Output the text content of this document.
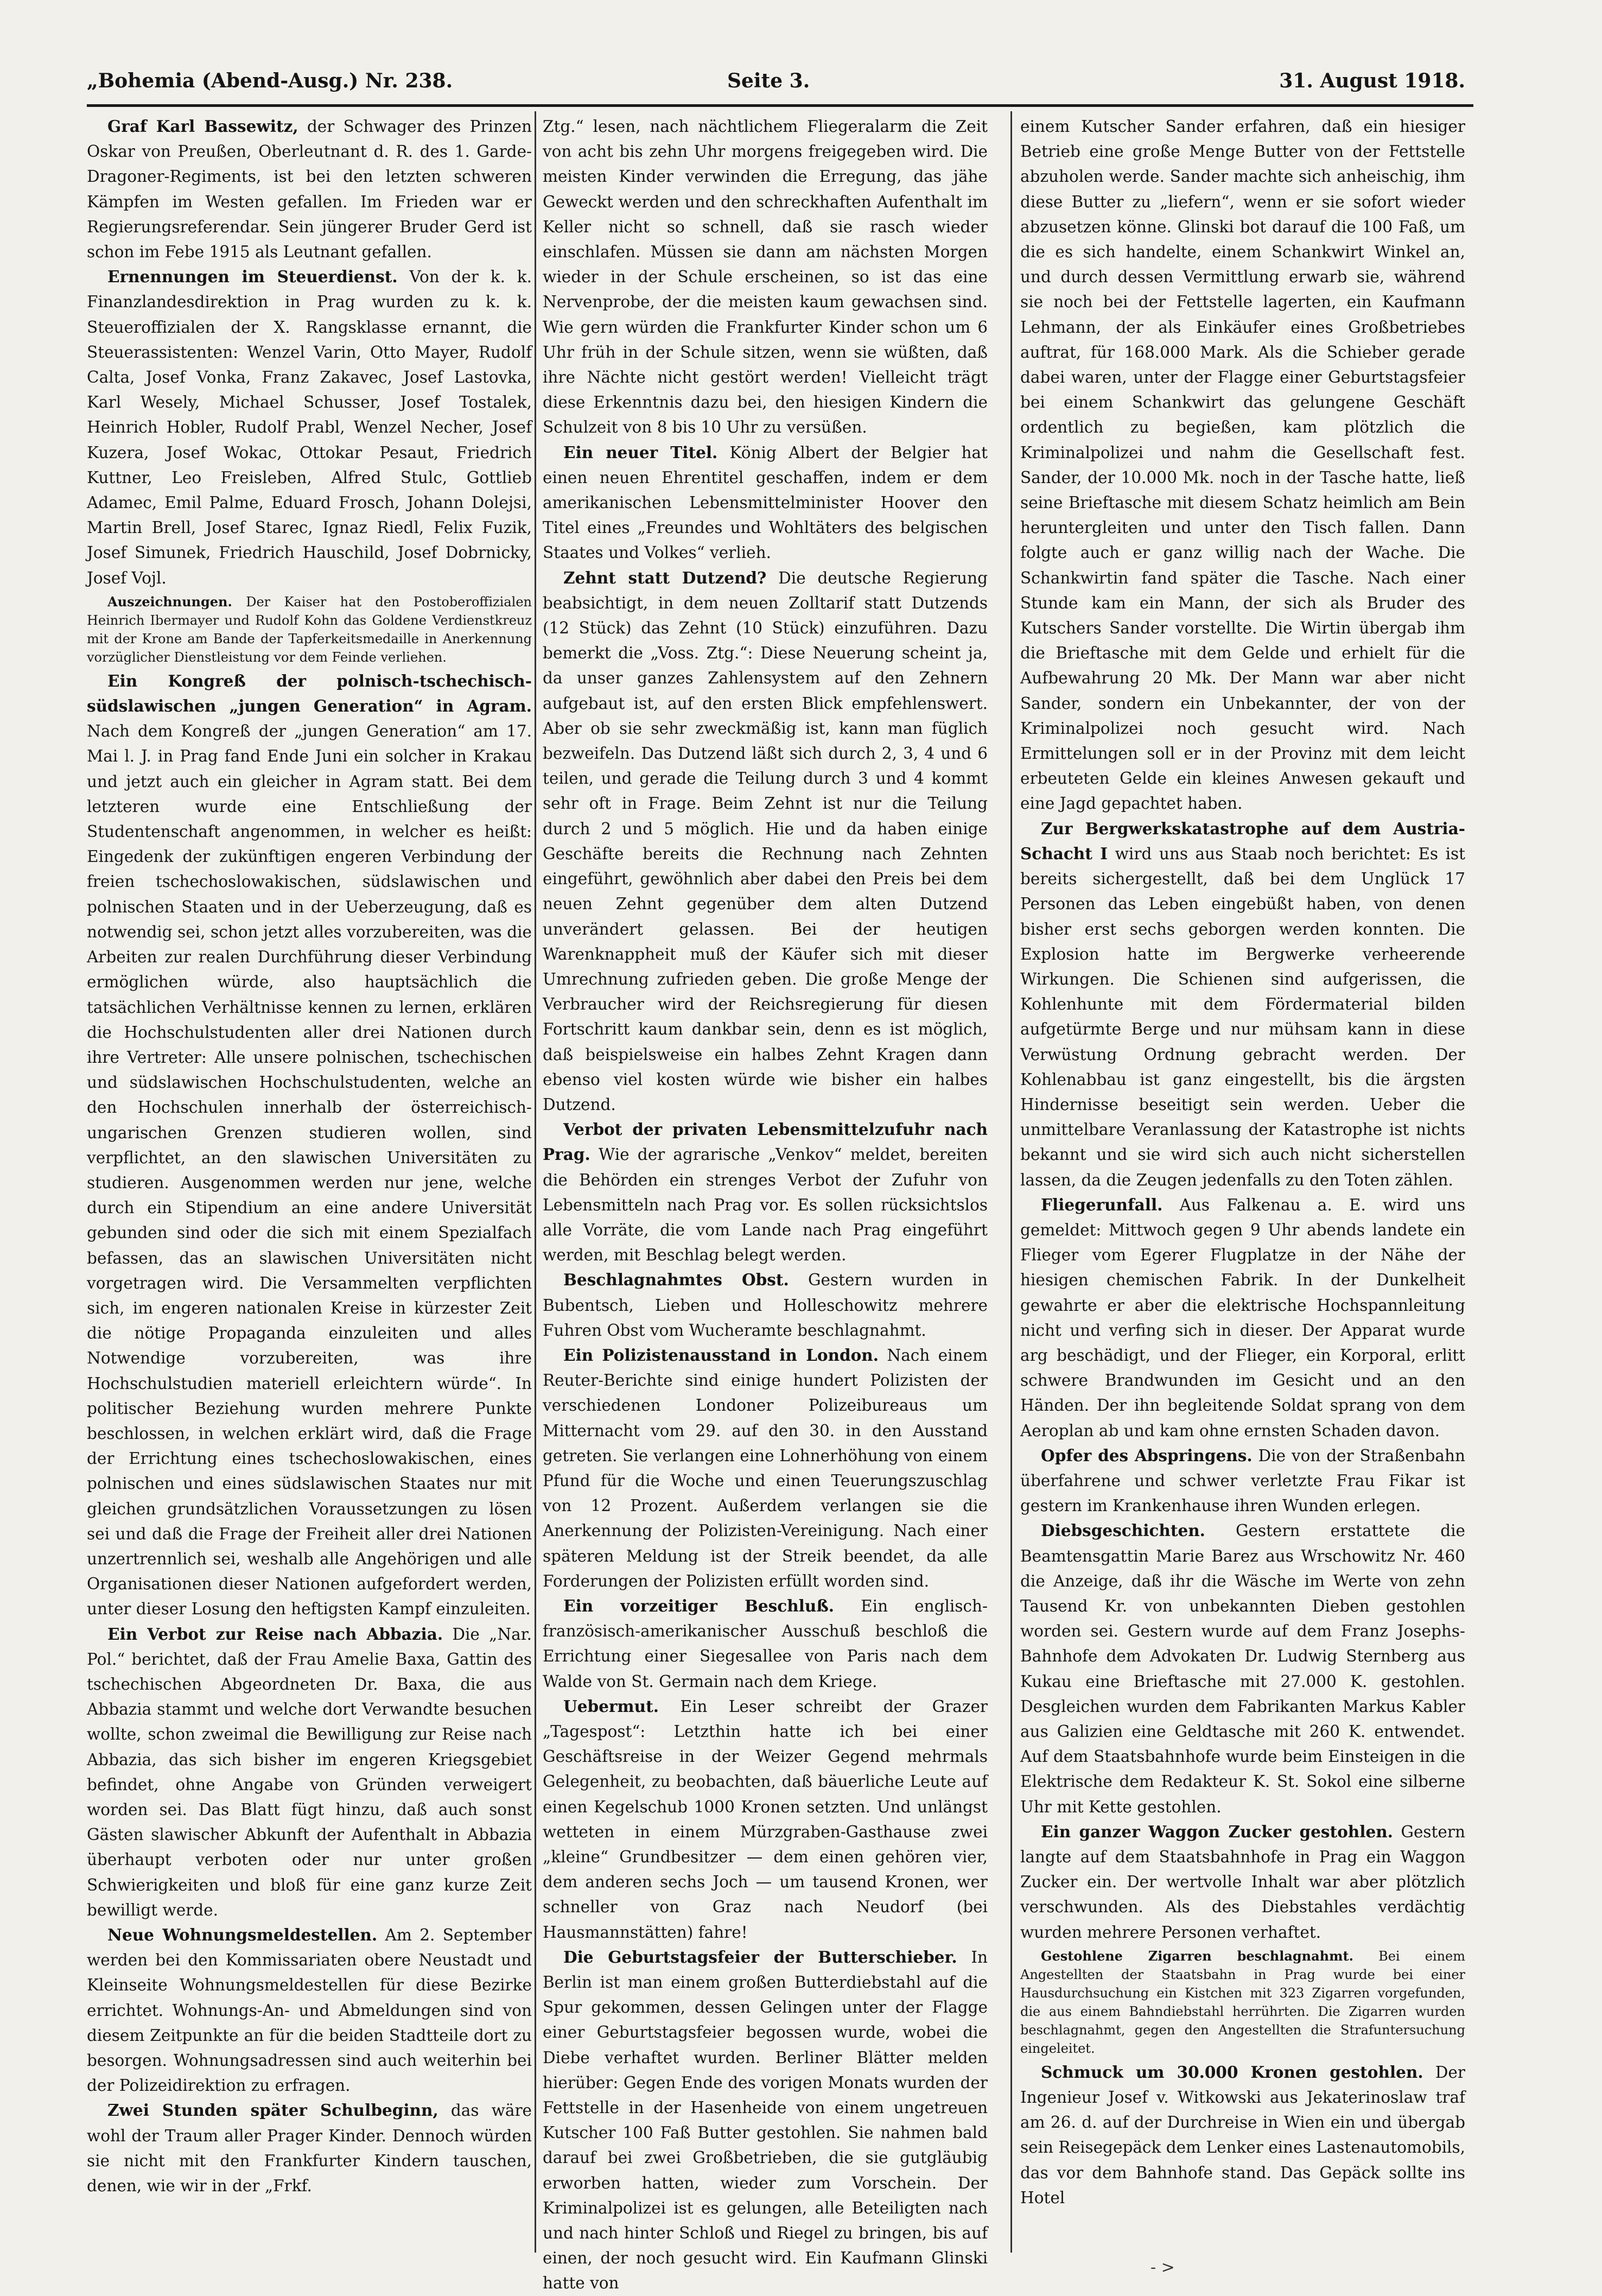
„Bohemia (Abend-Ausg.) Nr. 238.	Seite 3.	31. August 1918.

Graf Karl Bassewitz, der Schwager des Prinzen Oskar von Preußen, Oberleutnant d. R. des 1. Garde-Dragoner-Regiments, ist bei den letzten schweren Kämpfen im Westen gefallen. Im Frieden war er Regierungsreferendar. Sein jüngerer Bruder Gerd ist schon im Febe 1915 als Leutnant gefallen.

Ernennungen im Steuerdienst. Von der k. k. Finanzlandesdirektion in Prag wurden zu k. k. Steueroffizialen der X. Rangsklasse ernannt, die Steuerassistenten: Wenzel Varin, Otto Mayer, Rudolf Calta, Josef Vonka, Franz Zakavec, Josef Lastovka, Karl Wesely, Michael Schusser, Josef Tostalek, Heinrich Hobler, Rudolf Prabl, Wenzel Necher, Josef Kuzera, Josef Wokac, Ottokar Pesaut, Friedrich Kuttner, Leo Freisleben, Alfred Stulc, Gottlieb Adamec, Emil Palme, Eduard Frosch, Johann Dolejsi, Martin Brell, Josef Starec, Ignaz Riedl, Felix Fuzik, Josef Simunek, Friedrich Hauschild, Josef Dobrnicky, Josef Vojl.

Auszeichnungen. Der Kaiser hat den Postoberoffizialen Heinrich Ibermayer und Rudolf Kohn das Goldene Verdienstkreuz mit der Krone am Bande der Tapferkeitsmedaille in Anerkennung vorzüglicher Dienstleistung vor dem Feinde verliehen.

Ein Kongreß der polnisch-tschechisch-südslawischen „jungen Generation“ in Agram. Nach dem Kongreß der „jungen Generation“ am 17. Mai l. J. in Prag fand Ende Juni ein solcher in Krakau und jetzt auch ein gleicher in Agram statt. Bei dem letzteren wurde eine Entschließung der Studentenschaft angenommen, in welcher es heißt: Eingedenk der zukünftigen engeren Verbindung der freien tschechoslowakischen, südslawischen und polnischen Staaten und in der Ueberzeugung, daß es notwendig sei, schon jetzt alles vorzubereiten, was die Arbeiten zur realen Durchführung dieser Verbindung ermöglichen würde, also hauptsächlich die tatsächlichen Verhältnisse kennen zu lernen, erklären die Hochschulstudenten aller drei Nationen durch ihre Vertreter: Alle unsere polnischen, tschechischen und südslawischen Hochschulstudenten, welche an den Hochschulen innerhalb der österreichisch-ungarischen Grenzen studieren wollen, sind verpflichtet, an den slawischen Universitäten zu studieren. Ausgenommen werden nur jene, welche durch ein Stipendium an eine andere Universität gebunden sind oder die sich mit einem Spezialfach befassen, das an slawischen Universitäten nicht vorgetragen wird. Die Versammelten verpflichten sich, im engeren nationalen Kreise in kürzester Zeit die nötige Propaganda einzuleiten und alles Notwendige vorzubereiten, was ihre Hochschulstudien materiell erleichtern würde“. In politischer Beziehung wurden mehrere Punkte beschlossen, in welchen erklärt wird, daß die Frage der Errichtung eines tschechoslowakischen, eines polnischen und eines südslawischen Staates nur mit gleichen grundsätzlichen Voraussetzungen zu lösen sei und daß die Frage der Freiheit aller drei Nationen unzertrennlich sei, weshalb alle Angehörigen und alle Organisationen dieser Nationen aufgefordert werden, unter dieser Losung den heftigsten Kampf einzuleiten.

Ein Verbot zur Reise nach Abbazia. Die „Nar. Pol.“ berichtet, daß der Frau Amelie Baxa, Gattin des tschechischen Abgeordneten Dr. Baxa, die aus Abbazia stammt und welche dort Verwandte besuchen wollte, schon zweimal die Bewilligung zur Reise nach Abbazia, das sich bisher im engeren Kriegsgebiet befindet, ohne Angabe von Gründen verweigert worden sei. Das Blatt fügt hinzu, daß auch sonst Gästen slawischer Abkunft der Aufenthalt in Abbazia überhaupt verboten oder nur unter großen Schwierigkeiten und bloß für eine ganz kurze Zeit bewilligt werde.

Neue Wohnungsmeldestellen. Am 2. September werden bei den Kommissariaten obere Neustadt und Kleinseite Wohnungsmeldestellen für diese Bezirke errichtet. Wohnungs-An- und Abmeldungen sind von diesem Zeitpunkte an für die beiden Stadtteile dort zu besorgen. Wohnungsadressen sind auch weiterhin bei der Polizeidirektion zu erfragen.

Zwei Stunden später Schulbeginn, das wäre wohl der Traum aller Prager Kinder. Dennoch würden sie nicht mit den Frankfurter Kindern tauschen, denen, wie wir in der „Frkf.

Ztg.“ lesen, nach nächtlichem Fliegeralarm die Zeit von acht bis zehn Uhr morgens freigegeben wird. Die meisten Kinder verwinden die Erregung, das jähe Geweckt werden und den schreckhaften Aufenthalt im Keller nicht so schnell, daß sie rasch wieder einschlafen. Müssen sie dann am nächsten Morgen wieder in der Schule erscheinen, so ist das eine Nervenprobe, der die meisten kaum gewachsen sind. Wie gern würden die Frankfurter Kinder schon um 6 Uhr früh in der Schule sitzen, wenn sie wüßten, daß ihre Nächte nicht gestört werden! Vielleicht trägt diese Erkenntnis dazu bei, den hiesigen Kindern die Schulzeit von 8 bis 10 Uhr zu versüßen.

Ein neuer Titel. König Albert der Belgier hat einen neuen Ehrentitel geschaffen, indem er dem amerikanischen Lebensmittelminister Hoover den Titel eines „Freundes und Wohltäters des belgischen Staates und Volkes“ verlieh.

Zehnt statt Dutzend? Die deutsche Regierung beabsichtigt, in dem neuen Zolltarif statt Dutzends (12 Stück) das Zehnt (10 Stück) einzuführen. Dazu bemerkt die „Voss. Ztg.“: Diese Neuerung scheint ja, da unser ganzes Zahlensystem auf den Zehnern aufgebaut ist, auf den ersten Blick empfehlenswert. Aber ob sie sehr zweckmäßig ist, kann man füglich bezweifeln. Das Dutzend läßt sich durch 2, 3, 4 und 6 teilen, und gerade die Teilung durch 3 und 4 kommt sehr oft in Frage. Beim Zehnt ist nur die Teilung durch 2 und 5 möglich. Hie und da haben einige Geschäfte bereits die Rechnung nach Zehnten eingeführt, gewöhnlich aber dabei den Preis bei dem neuen Zehnt gegenüber dem alten Dutzend unverändert gelassen. Bei der heutigen Warenknappheit muß der Käufer sich mit dieser Umrechnung zufrieden geben. Die große Menge der Verbraucher wird der Reichsregierung für diesen Fortschritt kaum dankbar sein, denn es ist möglich, daß beispielsweise ein halbes Zehnt Kragen dann ebenso viel kosten würde wie bisher ein halbes Dutzend.

Verbot der privaten Lebensmittelzufuhr nach Prag. Wie der agrarische „Venkov“ meldet, bereiten die Behörden ein strenges Verbot der Zufuhr von Lebensmitteln nach Prag vor. Es sollen rücksichtslos alle Vorräte, die vom Lande nach Prag eingeführt werden, mit Beschlag belegt werden.

Beschlagnahmtes Obst. Gestern wurden in Bubentsch, Lieben und Holleschowitz mehrere Fuhren Obst vom Wucheramte beschlagnahmt.

Ein Polizistenausstand in London. Nach einem Reuter-Berichte sind einige hundert Polizisten der verschiedenen Londoner Polizeibureaus um Mitternacht vom 29. auf den 30. in den Ausstand getreten. Sie verlangen eine Lohnerhöhung von einem Pfund für die Woche und einen Teuerungszuschlag von 12 Prozent. Außerdem verlangen sie die Anerkennung der Polizisten-Vereinigung. Nach einer späteren Meldung ist der Streik beendet, da alle Forderungen der Polizisten erfüllt worden sind.

Ein vorzeitiger Beschluß. Ein englisch-französisch-amerikanischer Ausschuß beschloß die Errichtung einer Siegesallee von Paris nach dem Walde von St. Germain nach dem Kriege.

Uebermut. Ein Leser schreibt der Grazer „Tagespost“: Letzthin hatte ich bei einer Geschäftsreise in der Weizer Gegend mehrmals Gelegenheit, zu beobachten, daß bäuerliche Leute auf einen Kegelschub 1000 Kronen setzten. Und unlängst wetteten in einem Mürzgraben-Gasthause zwei „kleine“ Grundbesitzer — dem einen gehören vier, dem anderen sechs Joch — um tausend Kronen, wer schneller von Graz nach Neudorf (bei Hausmannstätten) fahre!

Die Geburtstagsfeier der Butterschieber. In Berlin ist man einem großen Butterdiebstahl auf die Spur gekommen, dessen Gelingen unter der Flagge einer Geburtstagsfeier begossen wurde, wobei die Diebe verhaftet wurden. Berliner Blätter melden hierüber: Gegen Ende des vorigen Monats wurden der Fettstelle in der Hasenheide von einem ungetreuen Kutscher 100 Faß Butter gestohlen. Sie nahmen bald darauf bei zwei Großbetrieben, die sie gutgläubig erworben hatten, wieder zum Vorschein. Der Kriminalpolizei ist es gelungen, alle Beteiligten nach und nach hinter Schloß und Riegel zu bringen, bis auf einen, der noch gesucht wird. Ein Kaufmann Glinski hatte von

einem Kutscher Sander erfahren, daß ein hiesiger Betrieb eine große Menge Butter von der Fettstelle abzuholen werde. Sander machte sich anheischig, ihm diese Butter zu „liefern“, wenn er sie sofort wieder abzusetzen könne. Glinski bot darauf die 100 Faß, um die es sich handelte, einem Schankwirt Winkel an, und durch dessen Vermittlung erwarb sie, während sie noch bei der Fettstelle lagerten, ein Kaufmann Lehmann, der als Einkäufer eines Großbetriebes auftrat, für 168.000 Mark. Als die Schieber gerade dabei waren, unter der Flagge einer Geburtstagsfeier bei einem Schankwirt das gelungene Geschäft ordentlich zu begießen, kam plötzlich die Kriminalpolizei und nahm die Gesellschaft fest. Sander, der 10.000 Mk. noch in der Tasche hatte, ließ seine Brieftasche mit diesem Schatz heimlich am Bein heruntergleiten und unter den Tisch fallen. Dann folgte auch er ganz willig nach der Wache. Die Schankwirtin fand später die Tasche. Nach einer Stunde kam ein Mann, der sich als Bruder des Kutschers Sander vorstellte. Die Wirtin übergab ihm die Brieftasche mit dem Gelde und erhielt für die Aufbewahrung 20 Mk. Der Mann war aber nicht Sander, sondern ein Unbekannter, der von der Kriminalpolizei noch gesucht wird. Nach Ermittelungen soll er in der Provinz mit dem leicht erbeuteten Gelde ein kleines Anwesen gekauft und eine Jagd gepachtet haben.

Zur Bergwerkskatastrophe auf dem Austria-Schacht I wird uns aus Staab noch berichtet: Es ist bereits sichergestellt, daß bei dem Unglück 17 Personen das Leben eingebüßt haben, von denen bisher erst sechs geborgen werden konnten. Die Explosion hatte im Bergwerke verheerende Wirkungen. Die Schienen sind aufgerissen, die Kohlenhunte mit dem Fördermaterial bilden aufgetürmte Berge und nur mühsam kann in diese Verwüstung Ordnung gebracht werden. Der Kohlenabbau ist ganz eingestellt, bis die ärgsten Hindernisse beseitigt sein werden. Ueber die unmittelbare Veranlassung der Katastrophe ist nichts bekannt und sie wird sich auch nicht sicherstellen lassen, da die Zeugen jedenfalls zu den Toten zählen.

Fliegerunfall. Aus Falkenau a. E. wird uns gemeldet: Mittwoch gegen 9 Uhr abends landete ein Flieger vom Egerer Flugplatze in der Nähe der hiesigen chemischen Fabrik. In der Dunkelheit gewahrte er aber die elektrische Hochspannleitung nicht und verfing sich in dieser. Der Apparat wurde arg beschädigt, und der Flieger, ein Korporal, erlitt schwere Brandwunden im Gesicht und an den Händen. Der ihn begleitende Soldat sprang von dem Aeroplan ab und kam ohne ernsten Schaden davon.

Opfer des Abspringens. Die von der Straßenbahn überfahrene und schwer verletzte Frau Fikar ist gestern im Krankenhause ihren Wunden erlegen.

Diebsgeschichten. Gestern erstattete die Beamtensgattin Marie Barez aus Wrschowitz Nr. 460 die Anzeige, daß ihr die Wäsche im Werte von zehn Tausend Kr. von unbekannten Dieben gestohlen worden sei. Gestern wurde auf dem Franz Josephs-Bahnhofe dem Advokaten Dr. Ludwig Sternberg aus Kukau eine Brieftasche mit 27.000 K. gestohlen. Desgleichen wurden dem Fabrikanten Markus Kabler aus Galizien eine Geldtasche mit 260 K. entwendet. Auf dem Staatsbahnhofe wurde beim Einsteigen in die Elektrische dem Redakteur K. St. Sokol eine silberne Uhr mit Kette gestohlen.

Ein ganzer Waggon Zucker gestohlen. Gestern langte auf dem Staatsbahnhofe in Prag ein Waggon Zucker ein. Der wertvolle Inhalt war aber plötzlich verschwunden. Als des Diebstahles verdächtig wurden mehrere Personen verhaftet.

Gestohlene Zigarren beschlagnahmt. Bei einem Angestellten der Staatsbahn in Prag wurde bei einer Hausdurchsuchung ein Kistchen mit 323 Zigarren vorgefunden, die aus einem Bahndiebstahl herrührten. Die Zigarren wurden beschlagnahmt, gegen den Angestellten die Strafuntersuchung eingeleitet.

Schmuck um 30.000 Kronen gestohlen. Der Ingenieur Josef v. Witkowski aus Jekaterinoslaw traf am 26. d. auf der Durchreise in Wien ein und übergab sein Reisegepäck dem Lenker eines Lastenautomobils, das vor dem Bahnhofe stand. Das Gepäck sollte ins Hotel

- >
